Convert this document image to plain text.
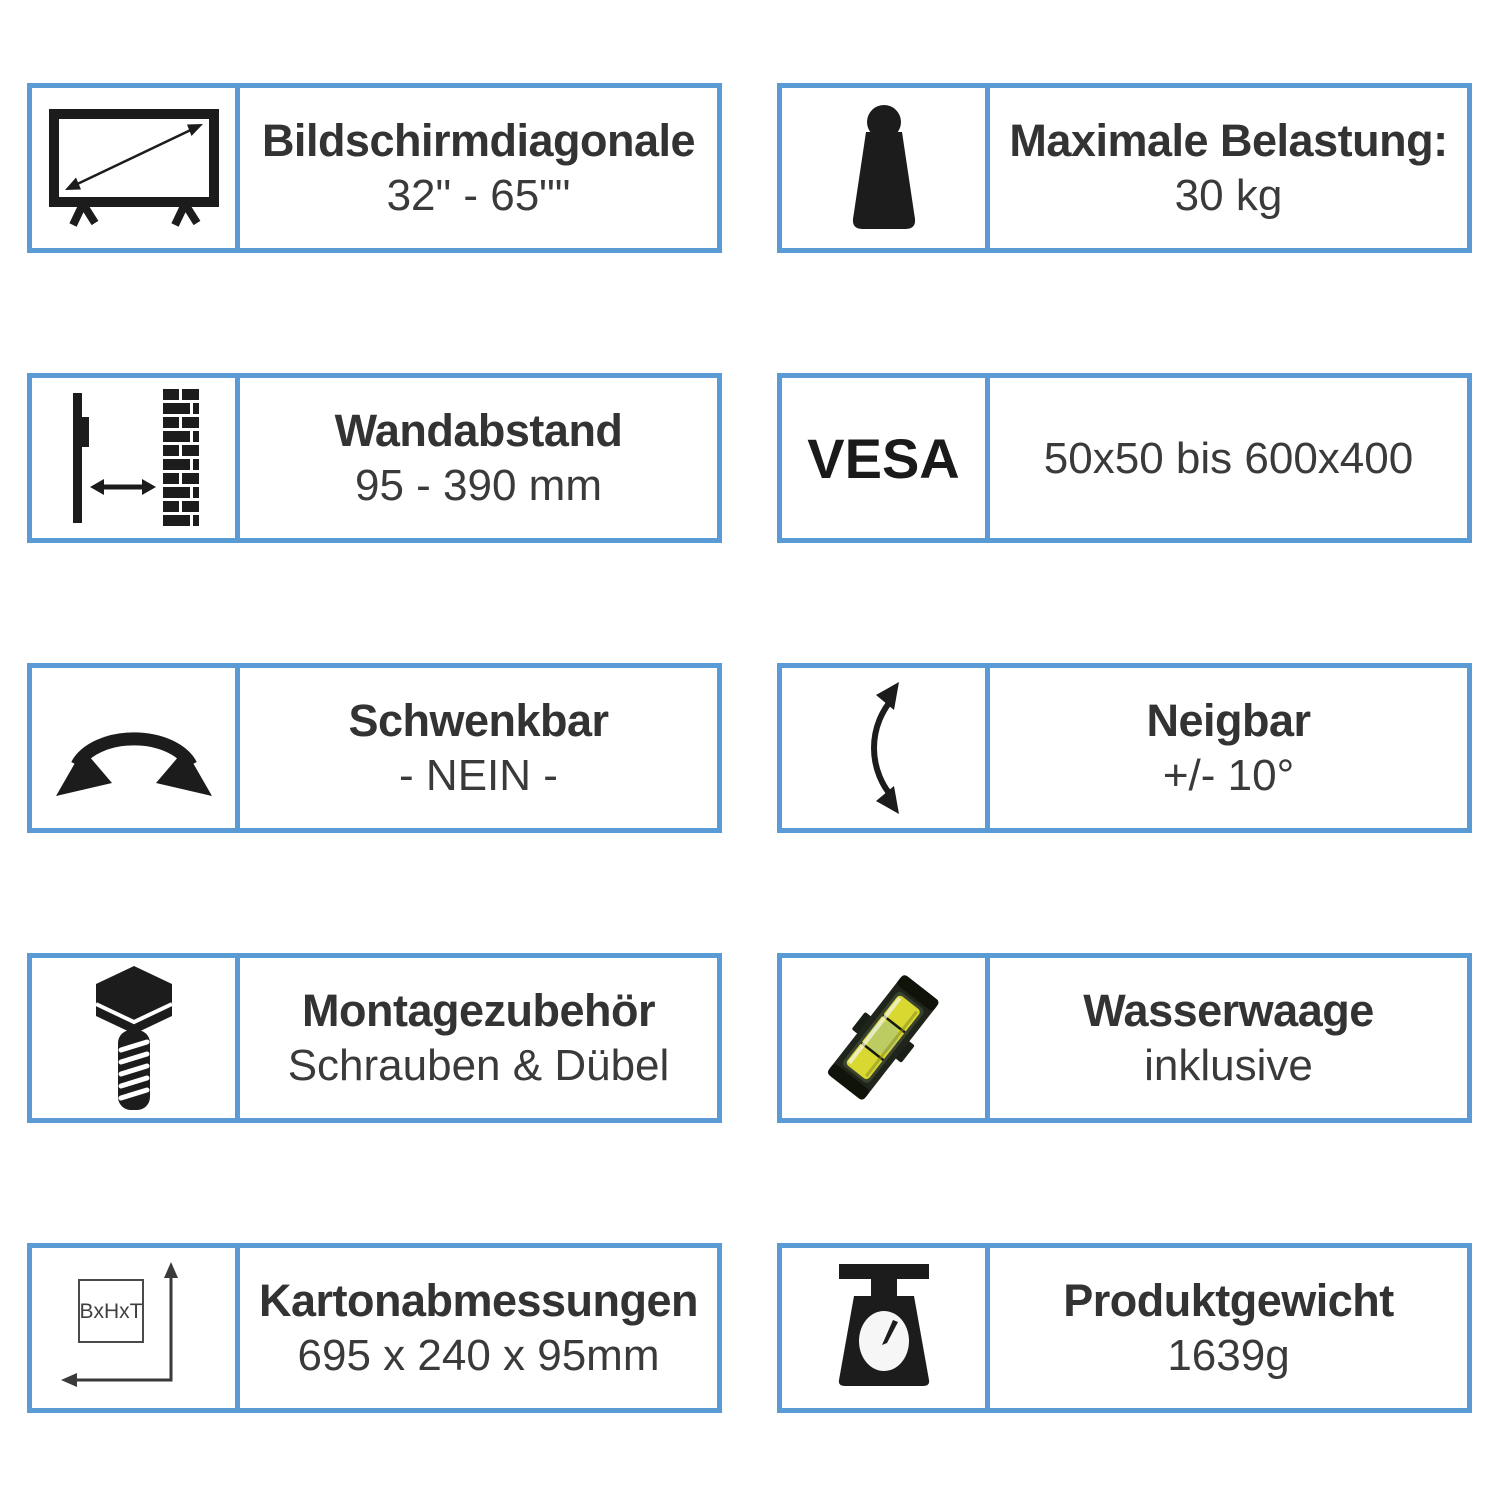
Bildschirmdiagonale
32" - 65""
Maximale Belastung:
30 kg
Wandabstand
95 - 390 mm	VESA 50x50 bis 600x400
Schwenkbar
- NEIN -
Neigbar
+/- 10°
Montagezubehör
Schrauben & Dübel
Wasserwaage
inklusive
BxHxT	Kartonabmessungen
695 x 240 x 95mm
Produktgewicht
1639g
